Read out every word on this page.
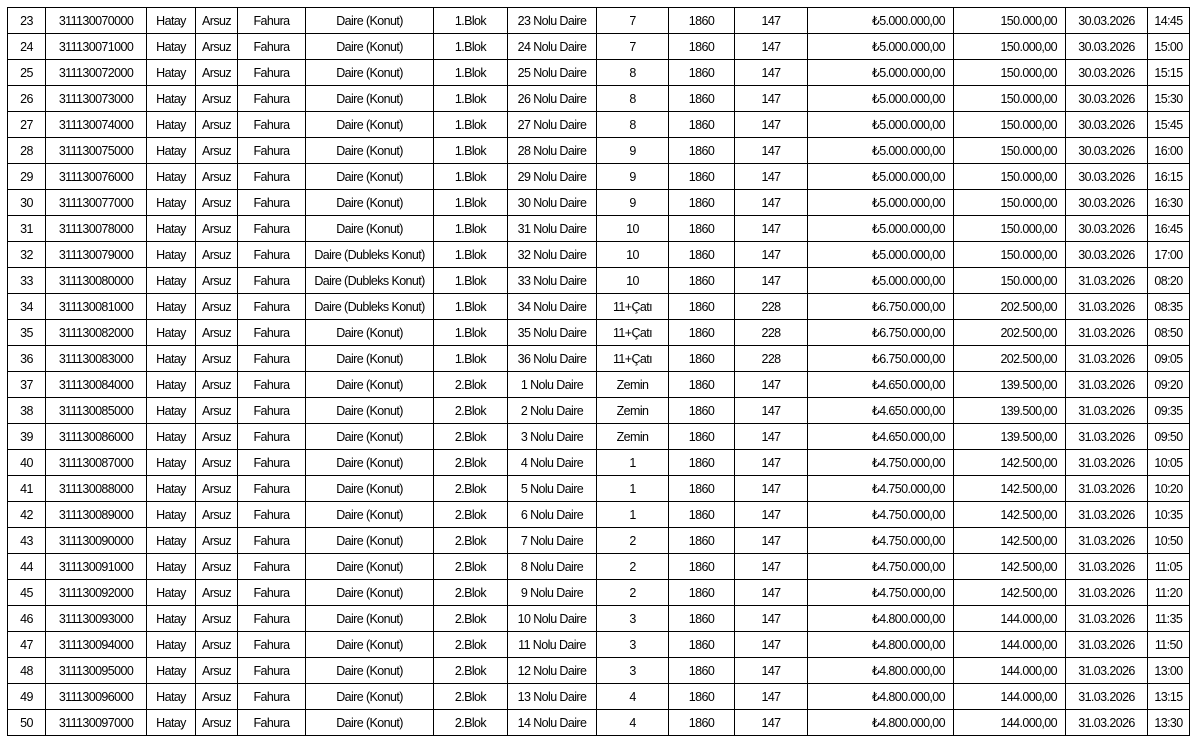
23	311130070000	Hatay	Arsuz	Fahura	Daire (Konut)	1.Blok	23 Nolu Daire	7	1860	147	₺5.000.000,00	150.000,00	30.03.2026	14:45
24	311130071000	Hatay	Arsuz	Fahura	Daire (Konut)	1.Blok	24 Nolu Daire	7	1860	147	₺5.000.000,00	150.000,00	30.03.2026	15:00
25	311130072000	Hatay	Arsuz	Fahura	Daire (Konut)	1.Blok	25 Nolu Daire	8	1860	147	₺5.000.000,00	150.000,00	30.03.2026	15:15
26	311130073000	Hatay	Arsuz	Fahura	Daire (Konut)	1.Blok	26 Nolu Daire	8	1860	147	₺5.000.000,00	150.000,00	30.03.2026	15:30
27	311130074000	Hatay	Arsuz	Fahura	Daire (Konut)	1.Blok	27 Nolu Daire	8	1860	147	₺5.000.000,00	150.000,00	30.03.2026	15:45
28	311130075000	Hatay	Arsuz	Fahura	Daire (Konut)	1.Blok	28 Nolu Daire	9	1860	147	₺5.000.000,00	150.000,00	30.03.2026	16:00
29	311130076000	Hatay	Arsuz	Fahura	Daire (Konut)	1.Blok	29 Nolu Daire	9	1860	147	₺5.000.000,00	150.000,00	30.03.2026	16:15
30	311130077000	Hatay	Arsuz	Fahura	Daire (Konut)	1.Blok	30 Nolu Daire	9	1860	147	₺5.000.000,00	150.000,00	30.03.2026	16:30
31	311130078000	Hatay	Arsuz	Fahura	Daire (Konut)	1.Blok	31 Nolu Daire	10	1860	147	₺5.000.000,00	150.000,00	30.03.2026	16:45
32	311130079000	Hatay	Arsuz	Fahura	Daire (Dubleks Konut)	1.Blok	32 Nolu Daire	10	1860	147	₺5.000.000,00	150.000,00	30.03.2026	17:00
33	311130080000	Hatay	Arsuz	Fahura	Daire (Dubleks Konut)	1.Blok	33 Nolu Daire	10	1860	147	₺5.000.000,00	150.000,00	31.03.2026	08:20
34	311130081000	Hatay	Arsuz	Fahura	Daire (Dubleks Konut)	1.Blok	34 Nolu Daire	11+Çatı	1860	228	₺6.750.000,00	202.500,00	31.03.2026	08:35
35	311130082000	Hatay	Arsuz	Fahura	Daire (Konut)	1.Blok	35 Nolu Daire	11+Çatı	1860	228	₺6.750.000,00	202.500,00	31.03.2026	08:50
36	311130083000	Hatay	Arsuz	Fahura	Daire (Konut)	1.Blok	36 Nolu Daire	11+Çatı	1860	228	₺6.750.000,00	202.500,00	31.03.2026	09:05
37	311130084000	Hatay	Arsuz	Fahura	Daire (Konut)	2.Blok	1 Nolu Daire	Zemin	1860	147	₺4.650.000,00	139.500,00	31.03.2026	09:20
38	311130085000	Hatay	Arsuz	Fahura	Daire (Konut)	2.Blok	2 Nolu Daire	Zemin	1860	147	₺4.650.000,00	139.500,00	31.03.2026	09:35
39	311130086000	Hatay	Arsuz	Fahura	Daire (Konut)	2.Blok	3 Nolu Daire	Zemin	1860	147	₺4.650.000,00	139.500,00	31.03.2026	09:50
40	311130087000	Hatay	Arsuz	Fahura	Daire (Konut)	2.Blok	4 Nolu Daire	1	1860	147	₺4.750.000,00	142.500,00	31.03.2026	10:05
41	311130088000	Hatay	Arsuz	Fahura	Daire (Konut)	2.Blok	5 Nolu Daire	1	1860	147	₺4.750.000,00	142.500,00	31.03.2026	10:20
42	311130089000	Hatay	Arsuz	Fahura	Daire (Konut)	2.Blok	6 Nolu Daire	1	1860	147	₺4.750.000,00	142.500,00	31.03.2026	10:35
43	311130090000	Hatay	Arsuz	Fahura	Daire (Konut)	2.Blok	7 Nolu Daire	2	1860	147	₺4.750.000,00	142.500,00	31.03.2026	10:50
44	311130091000	Hatay	Arsuz	Fahura	Daire (Konut)	2.Blok	8 Nolu Daire	2	1860	147	₺4.750.000,00	142.500,00	31.03.2026	11:05
45	311130092000	Hatay	Arsuz	Fahura	Daire (Konut)	2.Blok	9 Nolu Daire	2	1860	147	₺4.750.000,00	142.500,00	31.03.2026	11:20
46	311130093000	Hatay	Arsuz	Fahura	Daire (Konut)	2.Blok	10 Nolu Daire	3	1860	147	₺4.800.000,00	144.000,00	31.03.2026	11:35
47	311130094000	Hatay	Arsuz	Fahura	Daire (Konut)	2.Blok	11 Nolu Daire	3	1860	147	₺4.800.000,00	144.000,00	31.03.2026	11:50
48	311130095000	Hatay	Arsuz	Fahura	Daire (Konut)	2.Blok	12 Nolu Daire	3	1860	147	₺4.800.000,00	144.000,00	31.03.2026	13:00
49	311130096000	Hatay	Arsuz	Fahura	Daire (Konut)	2.Blok	13 Nolu Daire	4	1860	147	₺4.800.000,00	144.000,00	31.03.2026	13:15
50	311130097000	Hatay	Arsuz	Fahura	Daire (Konut)	2.Blok	14 Nolu Daire	4	1860	147	₺4.800.000,00	144.000,00	31.03.2026	13:30
